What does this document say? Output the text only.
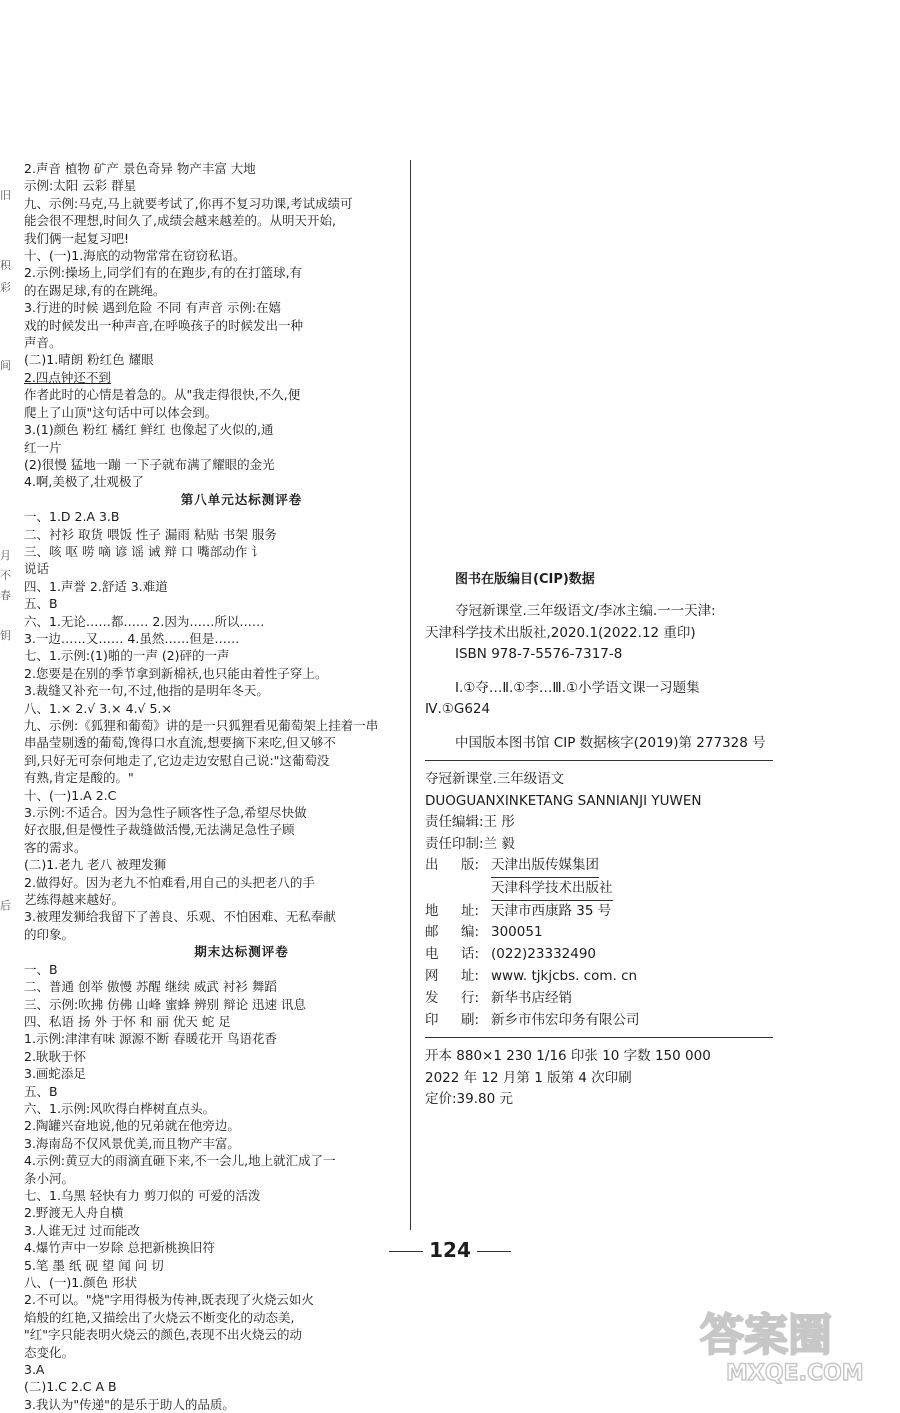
旧
积
彩
间
月
不
春
钥
后
2.声音 植物 矿产 景色奇异 物产丰富 大地
示例:太阳 云彩 群星
九、示例:马克,马上就要考试了,你再不复习功课,考试成绩可
能会很不理想,时间久了,成绩会越来越差的。从明天开始,
我们俩一起复习吧!
十、(一)1.海底的动物常常在窃窃私语。
2.示例:操场上,同学们有的在跑步,有的在打篮球,有
的在踢足球,有的在跳绳。
3.行进的时候 遇到危险 不同 有声音 示例:在嬉
戏的时候发出一种声音,在呼唤孩子的时候发出一种
声音。
(二)1.晴朗 粉红色 耀眼
2.四点钟还不到
作者此时的心情是着急的。从"我走得很快,不久,便
爬上了山顶"这句话中可以体会到。
3.(1)颜色 粉红 橘红 鲜红 也像起了火似的,通
红一片
(2)很慢 猛地一蹦 一下子就布满了耀眼的金光
4.啊,美极了,壮观极了
第八单元达标测评卷
一、1.D 2.A 3.B
二、衬衫 取货 喂饭 性子 漏雨 粘贴 书架 服务
三、咳 呕 唠 嘀 谚 谣 诫 辩 口 嘴部动作 讠
说话
四、1.声誉 2.舒适 3.难道
五、B
六、1.无论……都…… 2.因为……所以……
3.一边……又…… 4.虽然……但是……
七、1.示例:(1)啪的一声 (2)砰的一声
2.您要是在别的季节拿到新棉袄,也只能由着性子穿上。
3.裁缝又补充一句,不过,他指的是明年冬天。
八、1.× 2.√ 3.× 4.√ 5.×
九、示例:《狐狸和葡萄》讲的是一只狐狸看见葡萄架上挂着一串
串晶莹剔透的葡萄,馋得口水直流,想要摘下来吃,但又够不
到,只好无可奈何地走了,它边走边安慰自己说:"这葡萄没
有熟,肯定是酸的。"
十、(一)1.A 2.C
3.示例:不适合。因为急性子顾客性子急,希望尽快做
好衣服,但是慢性子裁缝做活慢,无法满足急性子顾
客的需求。
(二)1.老九 老八 被理发狮
2.做得好。因为老九不怕难看,用自己的头把老八的手
艺练得越来越好。
3.被理发狮给我留下了善良、乐观、不怕困难、无私奉献
的印象。
期末达标测评卷
一、B
二、普通 创举 傲慢 苏醒 继续 威武 衬衫 舞蹈
三、示例:吹拂 仿佛 山峰 蜜蜂 辨别 辩论 迅速 讯息
四、私语 扬 外 于怀 和 丽 优天 蛇 足
1.示例:津津有味 源源不断 春暖花开 鸟语花香
2.耿耿于怀
3.画蛇添足
五、B
六、1.示例:风吹得白桦树直点头。
2.陶罐兴奋地说,他的兄弟就在他旁边。
3.海南岛不仅风景优美,而且物产丰富。
4.示例:黄豆大的雨滴直砸下来,不一会儿,地上就汇成了一
条小河。
七、1.乌黑 轻快有力 剪刀似的 可爱的活泼
2.野渡无人舟自横
3.人谁无过 过而能改
4.爆竹声中一岁除 总把新桃换旧符
5.笔 墨 纸 砚 望 闻 问 切
八、(一)1.颜色 形状
2.不可以。"烧"字用得极为传神,既表现了火烧云如火
焰般的红艳,又描绘出了火烧云不断变化的动态美,
"红"字只能表明火烧云的颜色,表现不出火烧云的动
态变化。
3.A
(二)1.C 2.C A B
3.我认为"传递"的是乐于助人的品质。
图书在版编目(CIP)数据
夺冠新课堂.三年级语文/李冰主编.一一天津:
天津科学技术出版社,2020.1(2022.12 重印)
ISBN 978-7-5576-7317-8
Ⅰ.①夺…Ⅱ.①李…Ⅲ.①小学语文课一习题集
Ⅳ.①G624
中国版本图书馆 CIP 数据核字(2019)第 277328 号
夺冠新课堂.三年级语文
DUOGUANXINKETANG SANNIANJI YUWEN
责任编辑:王 彤
责任印制:兰 毅
出	版: 天津出版传媒集团
天津科学技术出版社
地	址: 天津市西康路 35 号
邮	编: 300051
电	话: (022)23332490
网	址: www. tjkjcbs. com. cn
发	行: 新华书店经销
印	刷: 新乡市伟宏印务有限公司
开本 880×1 230 1/16 印张 10 字数 150 000
2022 年 12 月第 1 版第 4 次印刷
定价:39.80 元
124
答案圈
MXQE.COM
